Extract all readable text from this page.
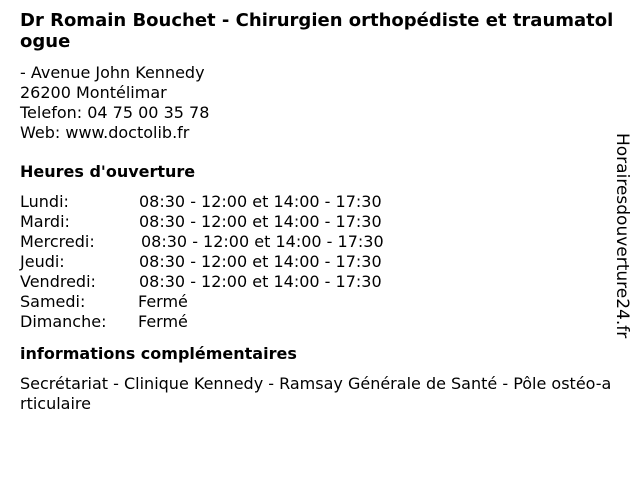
Dr Romain Bouchet - Chirurgien orthopédiste et traumatologue
- Avenue John Kennedy
26200 Montélimar
Telefon: 04 75 00 35 78
Web: www.doctolib.fr
Heures d'ouverture
Lundi:	08:30 - 12:00 et 14:00 - 17:30
Mardi:	08:30 - 12:00 et 14:00 - 17:30
Mercredi:	08:30 - 12:00 et 14:00 - 17:30
Jeudi:	08:30 - 12:00 et 14:00 - 17:30
Vendredi:	08:30 - 12:00 et 14:00 - 17:30
Samedi:	Fermé
Dimanche: Fermé
informations complémentaires
Secrétariat - Clinique Kennedy - Ramsay Générale de Santé - Pôle ostéo-articulaire
Horairesdouverture24.fr
